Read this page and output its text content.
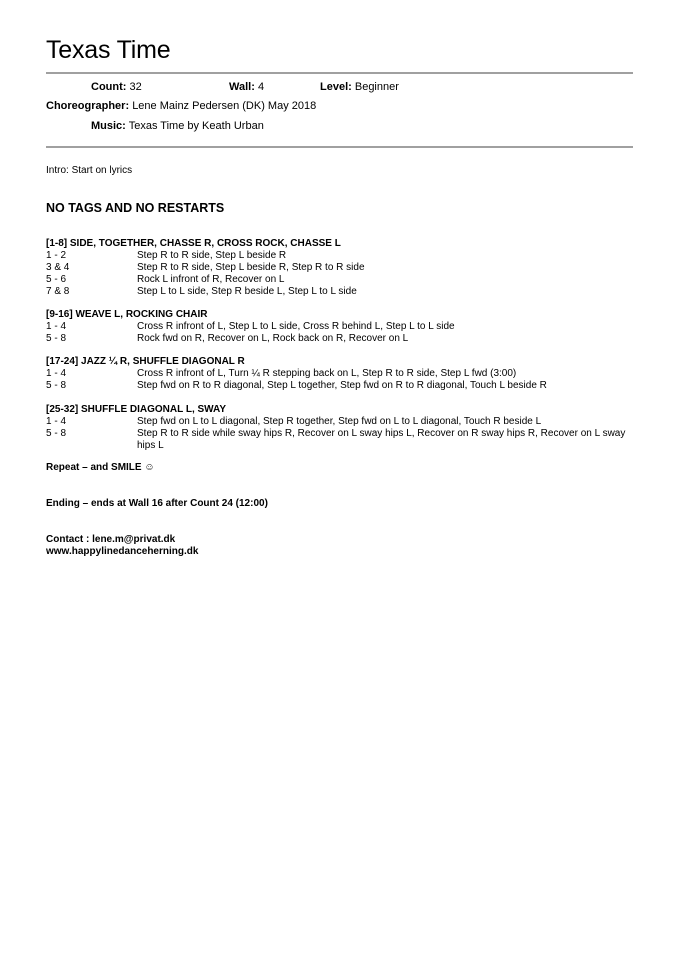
Texas Time
Count: 32	Wall: 4	Level: Beginner
Choreographer: Lene Mainz Pedersen (DK) May 2018
Music: Texas Time by Keath Urban
Intro: Start on lyrics
NO TAGS AND NO RESTARTS
[1-8] SIDE, TOGETHER, CHASSE R, CROSS ROCK, CHASSE L
1 - 2	Step R to R side, Step L beside R
3 & 4	Step R to R side, Step L beside R, Step R to R side
5 - 6	Rock L infront of R, Recover on L
7 & 8	Step L to L side, Step R beside L, Step L to L side
[9-16] WEAVE L, ROCKING CHAIR
1 - 4	Cross R infront of L, Step L to L side, Cross R behind L, Step L to L side
5 - 8	Rock fwd on R, Recover on L, Rock back on R, Recover on L
[17-24] JAZZ ¼ R, SHUFFLE DIAGONAL R
1 - 4	Cross R infront of L, Turn ¼ R stepping back on L, Step R to R side, Step L fwd (3:00)
5 - 8	Step fwd on R to R diagonal, Step L together, Step fwd on R to R diagonal, Touch L beside R
[25-32] SHUFFLE DIAGONAL L, SWAY
1 - 4	Step fwd on L to L diagonal, Step R together, Step fwd on L to L diagonal, Touch R beside L
5 - 8	Step R to R side while sway hips R, Recover on L sway hips L, Recover on R sway hips R, Recover on L sway hips L
Repeat – and SMILE ☺
Ending – ends at Wall 16 after Count 24 (12:00)
Contact : lene.m@privat.dk
www.happylinedanceherning.dk
